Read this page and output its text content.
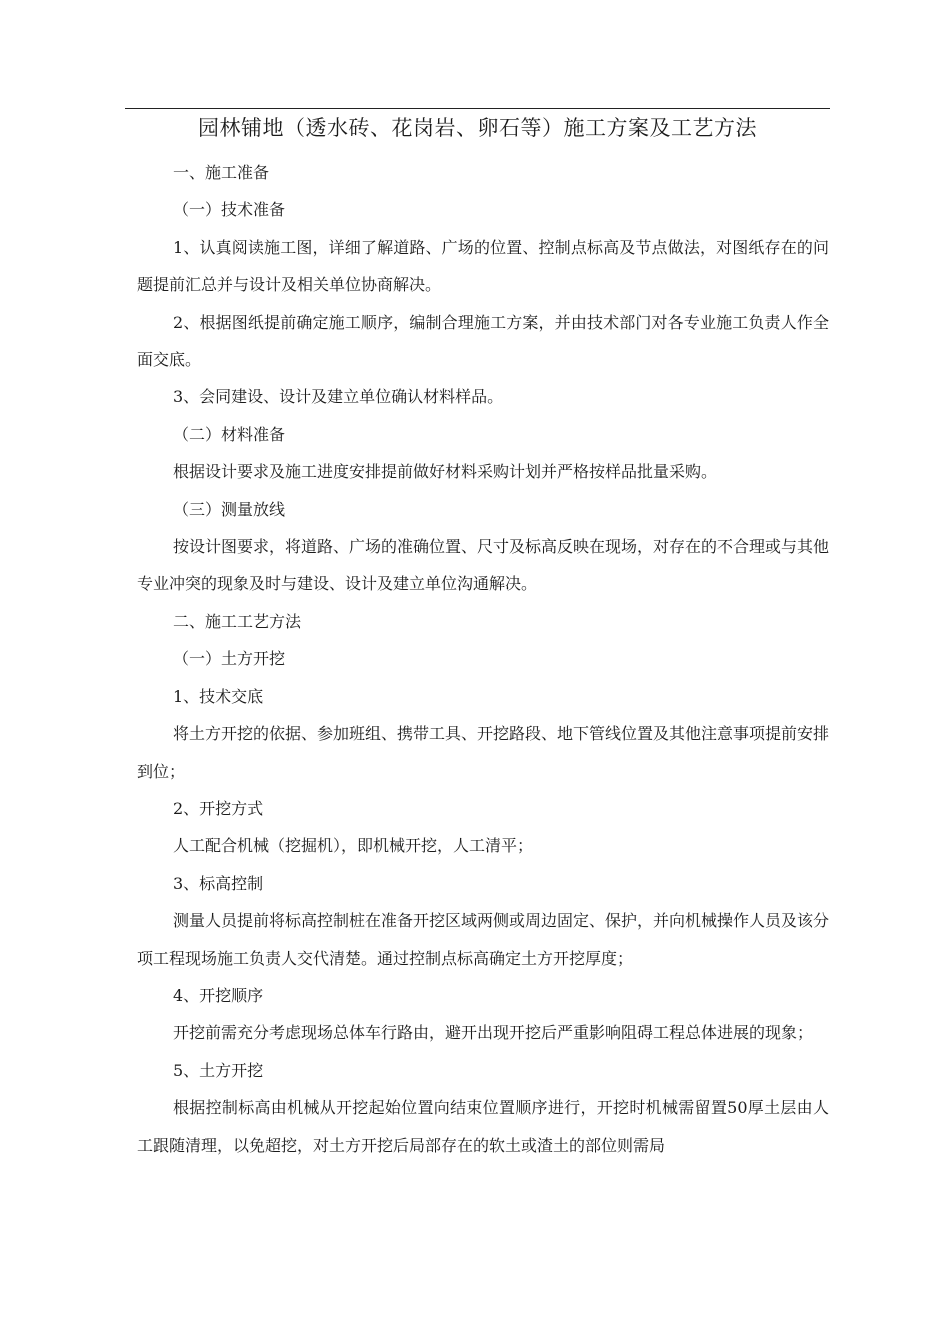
园林铺地（透水砖、花岗岩、卵石等）施工方案及工艺方法

一、施工准备

（一）技术准备

1、认真阅读施工图，详细了解道路、广场的位置、控制点标高及节点做法，对图纸存在的问题提前汇总并与设计及相关单位协商解决。

2、根据图纸提前确定施工顺序，编制合理施工方案，并由技术部门对各专业施工负责人作全面交底。

3、会同建设、设计及建立单位确认材料样品。

（二）材料准备

根据设计要求及施工进度安排提前做好材料采购计划并严格按样品批量采购。

（三）测量放线

按设计图要求，将道路、广场的准确位置、尺寸及标高反映在现场，对存在的不合理或与其他专业冲突的现象及时与建设、设计及建立单位沟通解决。

二、施工工艺方法

（一）土方开挖

1、技术交底

将土方开挖的依据、参加班组、携带工具、开挖路段、地下管线位置及其他注意事项提前安排到位；

2、开挖方式

人工配合机械（挖掘机），即机械开挖，人工清平；

3、标高控制

测量人员提前将标高控制桩在准备开挖区域两侧或周边固定、保护，并向机械操作人员及该分项工程现场施工负责人交代清楚。通过控制点标高确定土方开挖厚度；

4、开挖顺序

开挖前需充分考虑现场总体车行路由，避开出现开挖后严重影响阻碍工程总体进展的现象；

5、土方开挖

根据控制标高由机械从开挖起始位置向结束位置顺序进行，开挖时机械需留置50厚土层由人工跟随清理，以免超挖，对土方开挖后局部存在的软土或渣土的部位则需局
